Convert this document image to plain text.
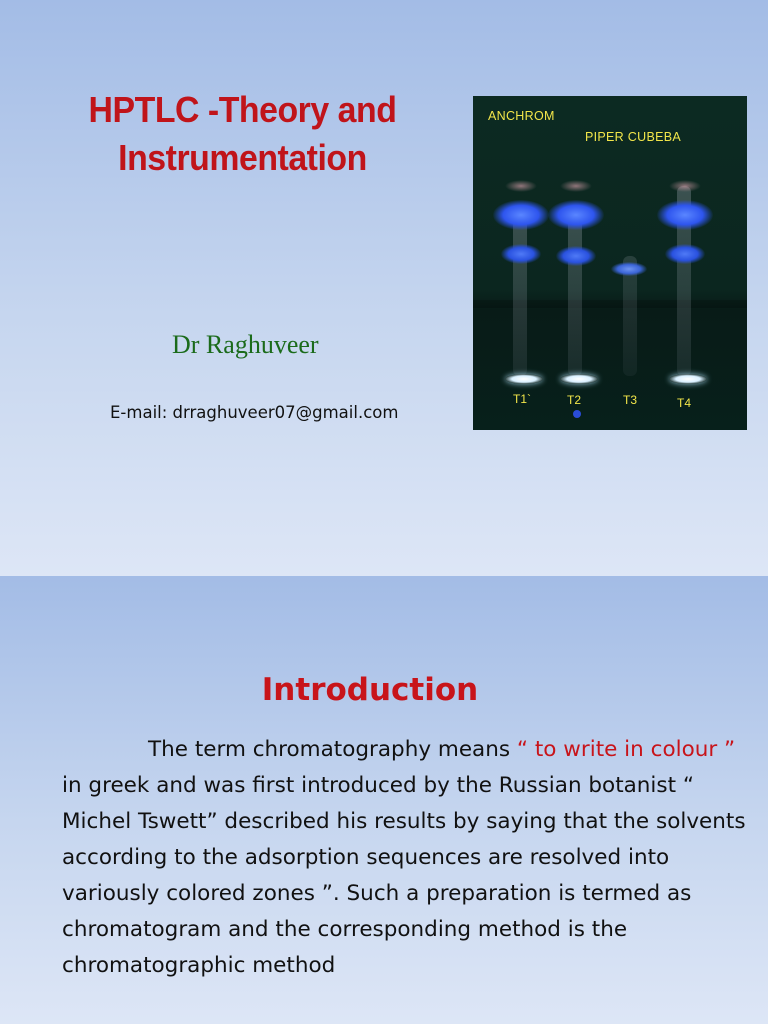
HPTLC -Theory and
Instrumentation
Dr Raghuveer
E-mail: drraghuveer07@gmail.com
ANCHROM
PIPER CUBEBA
T1`	T2	T3	T4
Introduction
The term chromatography means “ to write in colour ” in greek and was first introduced by the Russian botanist “ Michel Tswett” described his results by saying that the solvents according to the adsorption sequences are resolved into variously colored zones ”. Such a preparation is termed as chromatogram and the corresponding method is the chromatographic method
